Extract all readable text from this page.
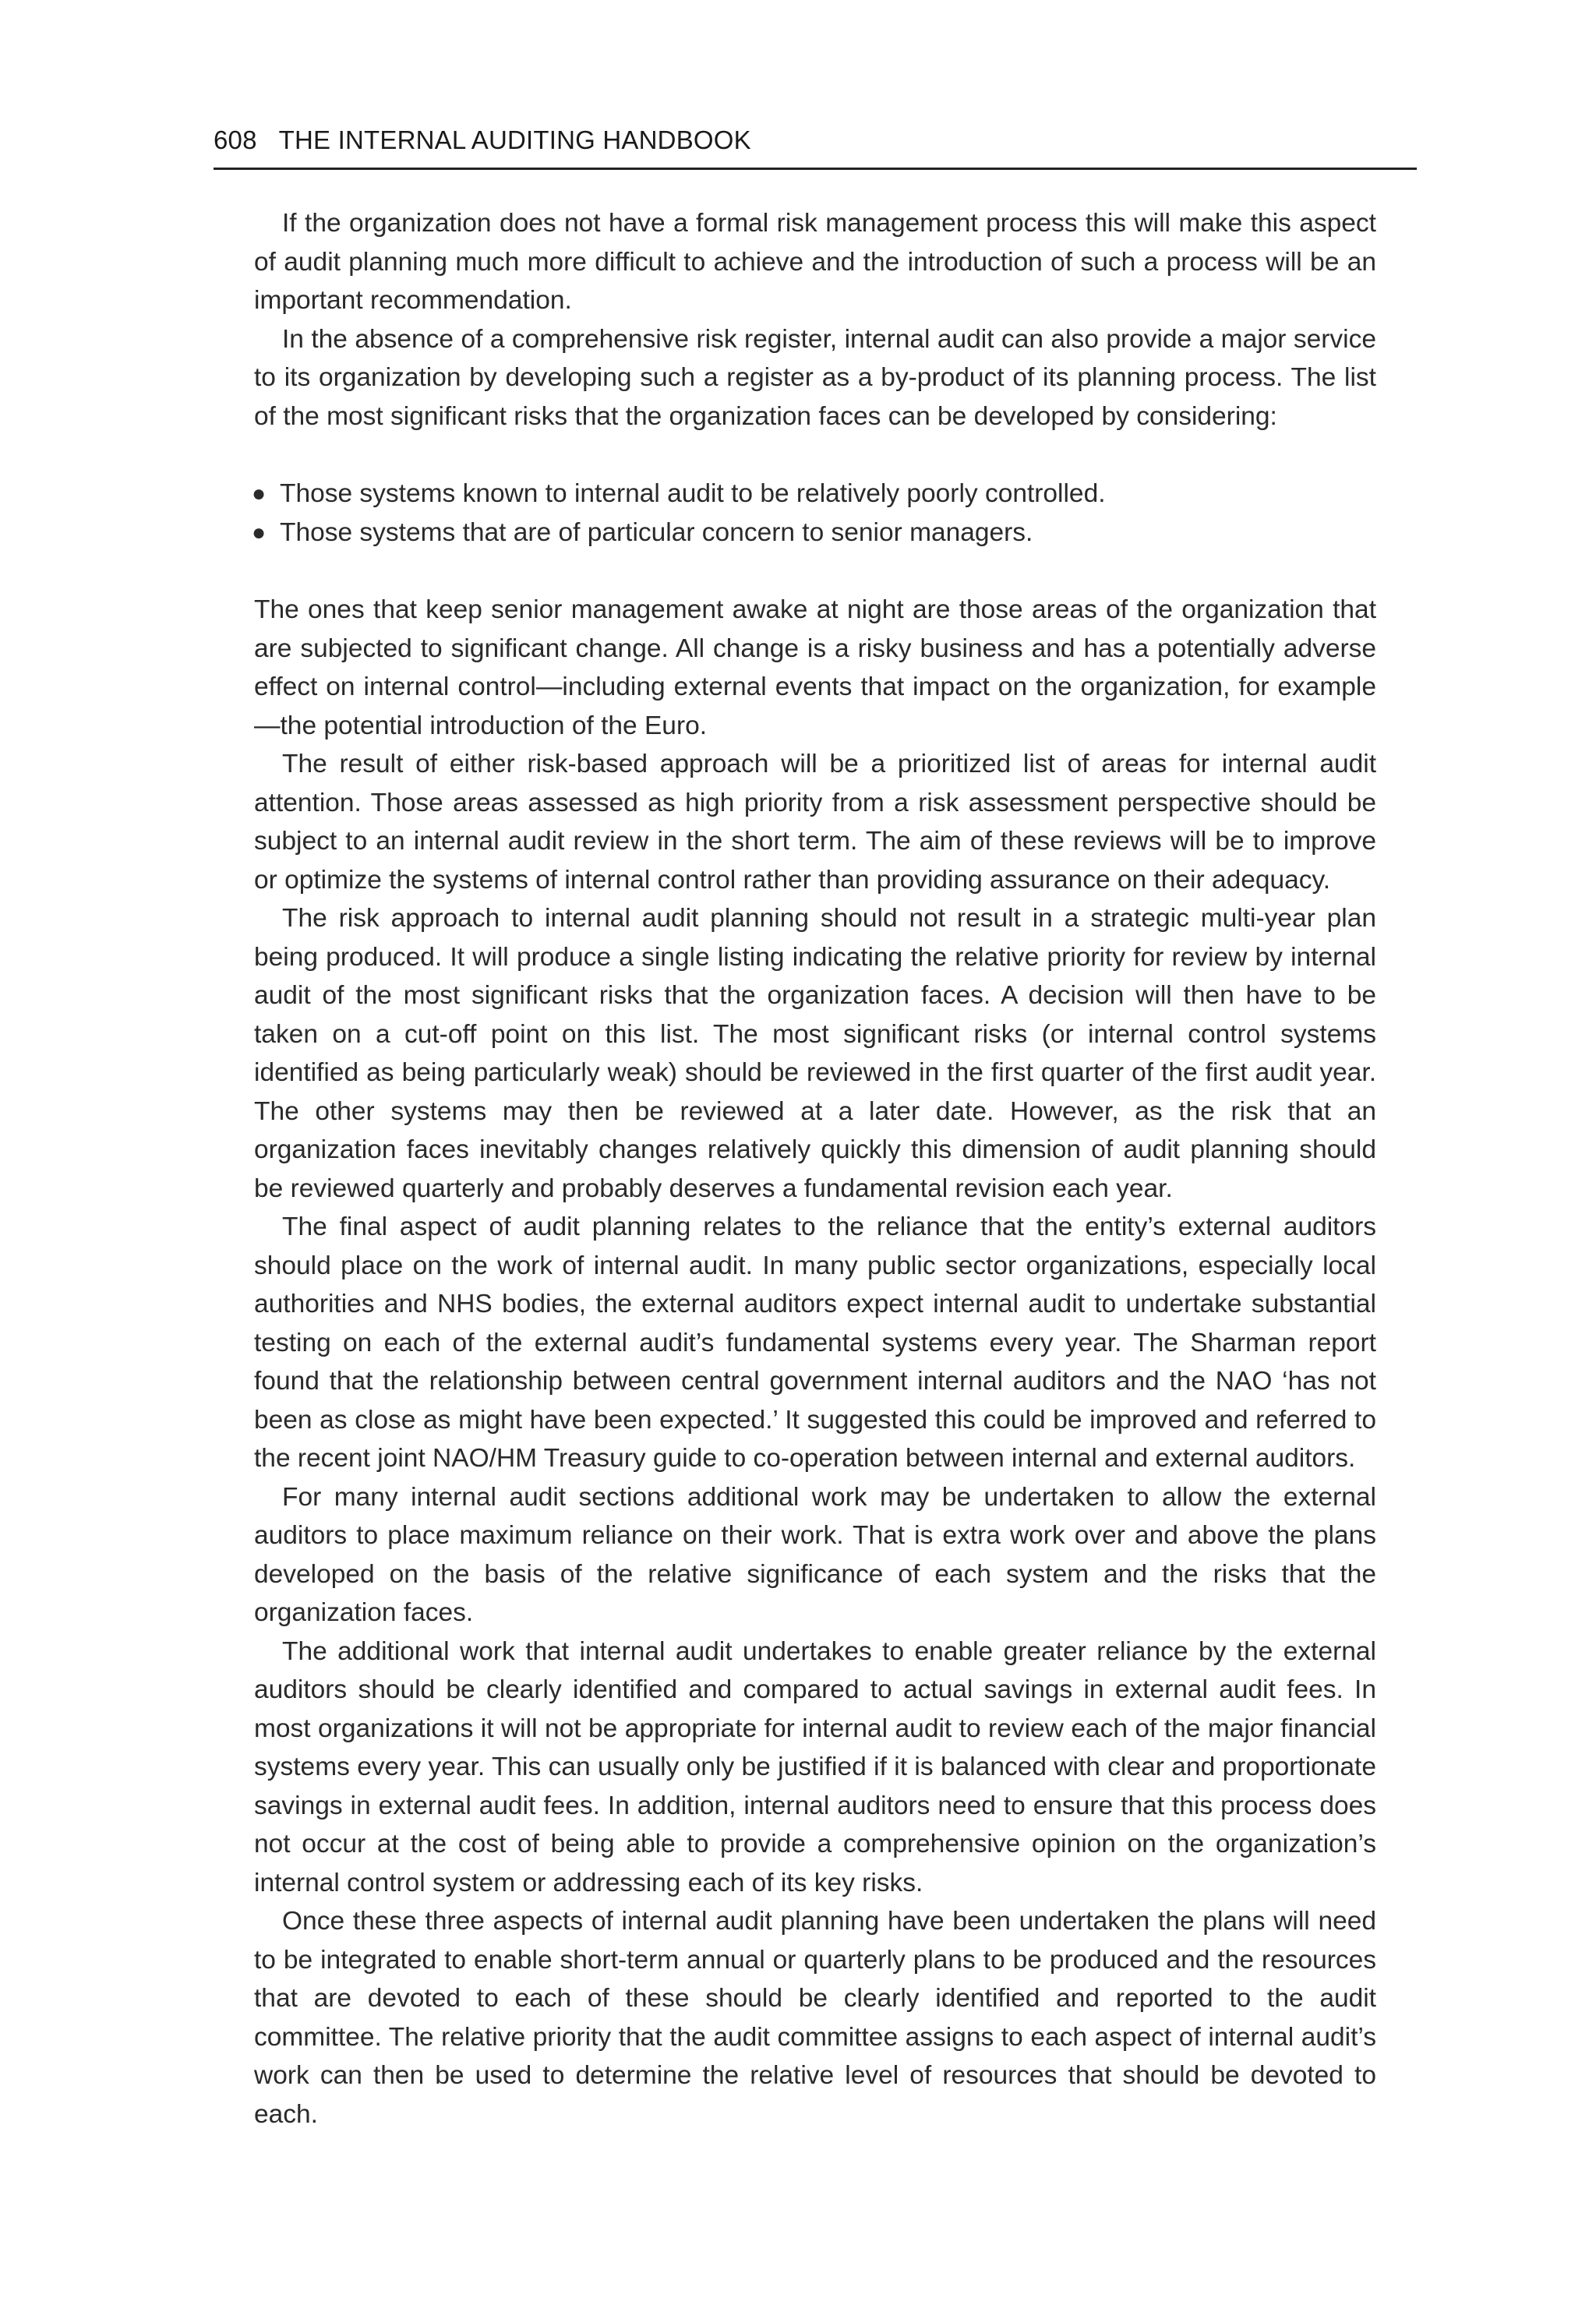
608 THE INTERNAL AUDITING HANDBOOK

If the organization does not have a formal risk management process this will make this aspect of audit planning much more difficult to achieve and the introduction of such a process will be an important recommendation.

In the absence of a comprehensive risk register, internal audit can also provide a major service to its organization by developing such a register as a by-product of its planning process. The list of the most significant risks that the organization faces can be developed by considering:

● Those systems known to internal audit to be relatively poorly controlled.
● Those systems that are of particular concern to senior managers.

The ones that keep senior management awake at night are those areas of the organization that are subjected to significant change. All change is a risky business and has a potentially adverse effect on internal control—including external events that impact on the organization, for example—the potential introduction of the Euro.

The result of either risk-based approach will be a prioritized list of areas for internal audit attention. Those areas assessed as high priority from a risk assessment perspective should be subject to an internal audit review in the short term. The aim of these reviews will be to improve or optimize the systems of internal control rather than providing assurance on their adequacy.

The risk approach to internal audit planning should not result in a strategic multi-year plan being produced. It will produce a single listing indicating the relative priority for review by internal audit of the most significant risks that the organization faces. A decision will then have to be taken on a cut-off point on this list. The most significant risks (or internal control systems identified as being particularly weak) should be reviewed in the first quarter of the first audit year. The other systems may then be reviewed at a later date. However, as the risk that an organization faces inevitably changes relatively quickly this dimension of audit planning should be reviewed quarterly and probably deserves a fundamental revision each year.

The final aspect of audit planning relates to the reliance that the entity’s external auditors should place on the work of internal audit. In many public sector organizations, especially local authorities and NHS bodies, the external auditors expect internal audit to undertake substantial testing on each of the external audit’s fundamental systems every year. The Sharman report found that the relationship between central government internal auditors and the NAO ‘has not been as close as might have been expected.’ It suggested this could be improved and referred to the recent joint NAO/HM Treasury guide to co-operation between internal and external auditors.

For many internal audit sections additional work may be undertaken to allow the external auditors to place maximum reliance on their work. That is extra work over and above the plans developed on the basis of the relative significance of each system and the risks that the organization faces.

The additional work that internal audit undertakes to enable greater reliance by the external auditors should be clearly identified and compared to actual savings in external audit fees. In most organizations it will not be appropriate for internal audit to review each of the major financial systems every year. This can usually only be justified if it is balanced with clear and proportionate savings in external audit fees. In addition, internal auditors need to ensure that this process does not occur at the cost of being able to provide a comprehensive opinion on the organization’s internal control system or addressing each of its key risks.

Once these three aspects of internal audit planning have been undertaken the plans will need to be integrated to enable short-term annual or quarterly plans to be produced and the resources that are devoted to each of these should be clearly identified and reported to the audit committee. The relative priority that the audit committee assigns to each aspect of internal audit’s work can then be used to determine the relative level of resources that should be devoted to each.
